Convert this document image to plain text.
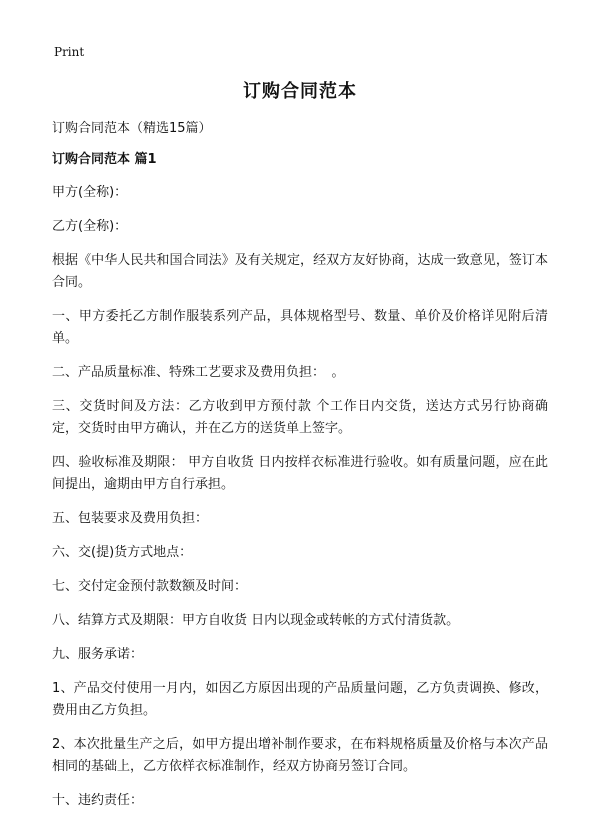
Print
订购合同范本

订购合同范本（精选15篇）

订购合同范本 篇1

甲方(全称)：

乙方(全称)：

根据《中华人民共和国合同法》及有关规定，经双方友好协商，达成一致意见，签订本合同。

一、甲方委托乙方制作服装系列产品，具体规格型号、数量、单价及价格详见附后清单。

二、产品质量标准、特殊工艺要求及费用负担：　。

三、交货时间及方法：乙方收到甲方预付款 个工作日内交货，送达方式另行协商确定，交货时由甲方确认，并在乙方的送货单上签字。

四、验收标准及期限： 甲方自收货 日内按样衣标准进行验收。如有质量问题，应在此间提出，逾期由甲方自行承担。

五、包装要求及费用负担：

六、交(提)货方式地点：

七、交付定金预付款数额及时间：

八、结算方式及期限：甲方自收货 日内以现金或转帐的方式付清货款。

九、服务承诺：

1、产品交付使用一月内，如因乙方原因出现的产品质量问题，乙方负责调换、修改，费用由乙方负担。

2、本次批量生产之后，如甲方提出增补制作要求，在布料规格质量及价格与本次产品相同的基础上，乙方依样衣标准制作，经双方协商另签订合同。

十、违约责任：
